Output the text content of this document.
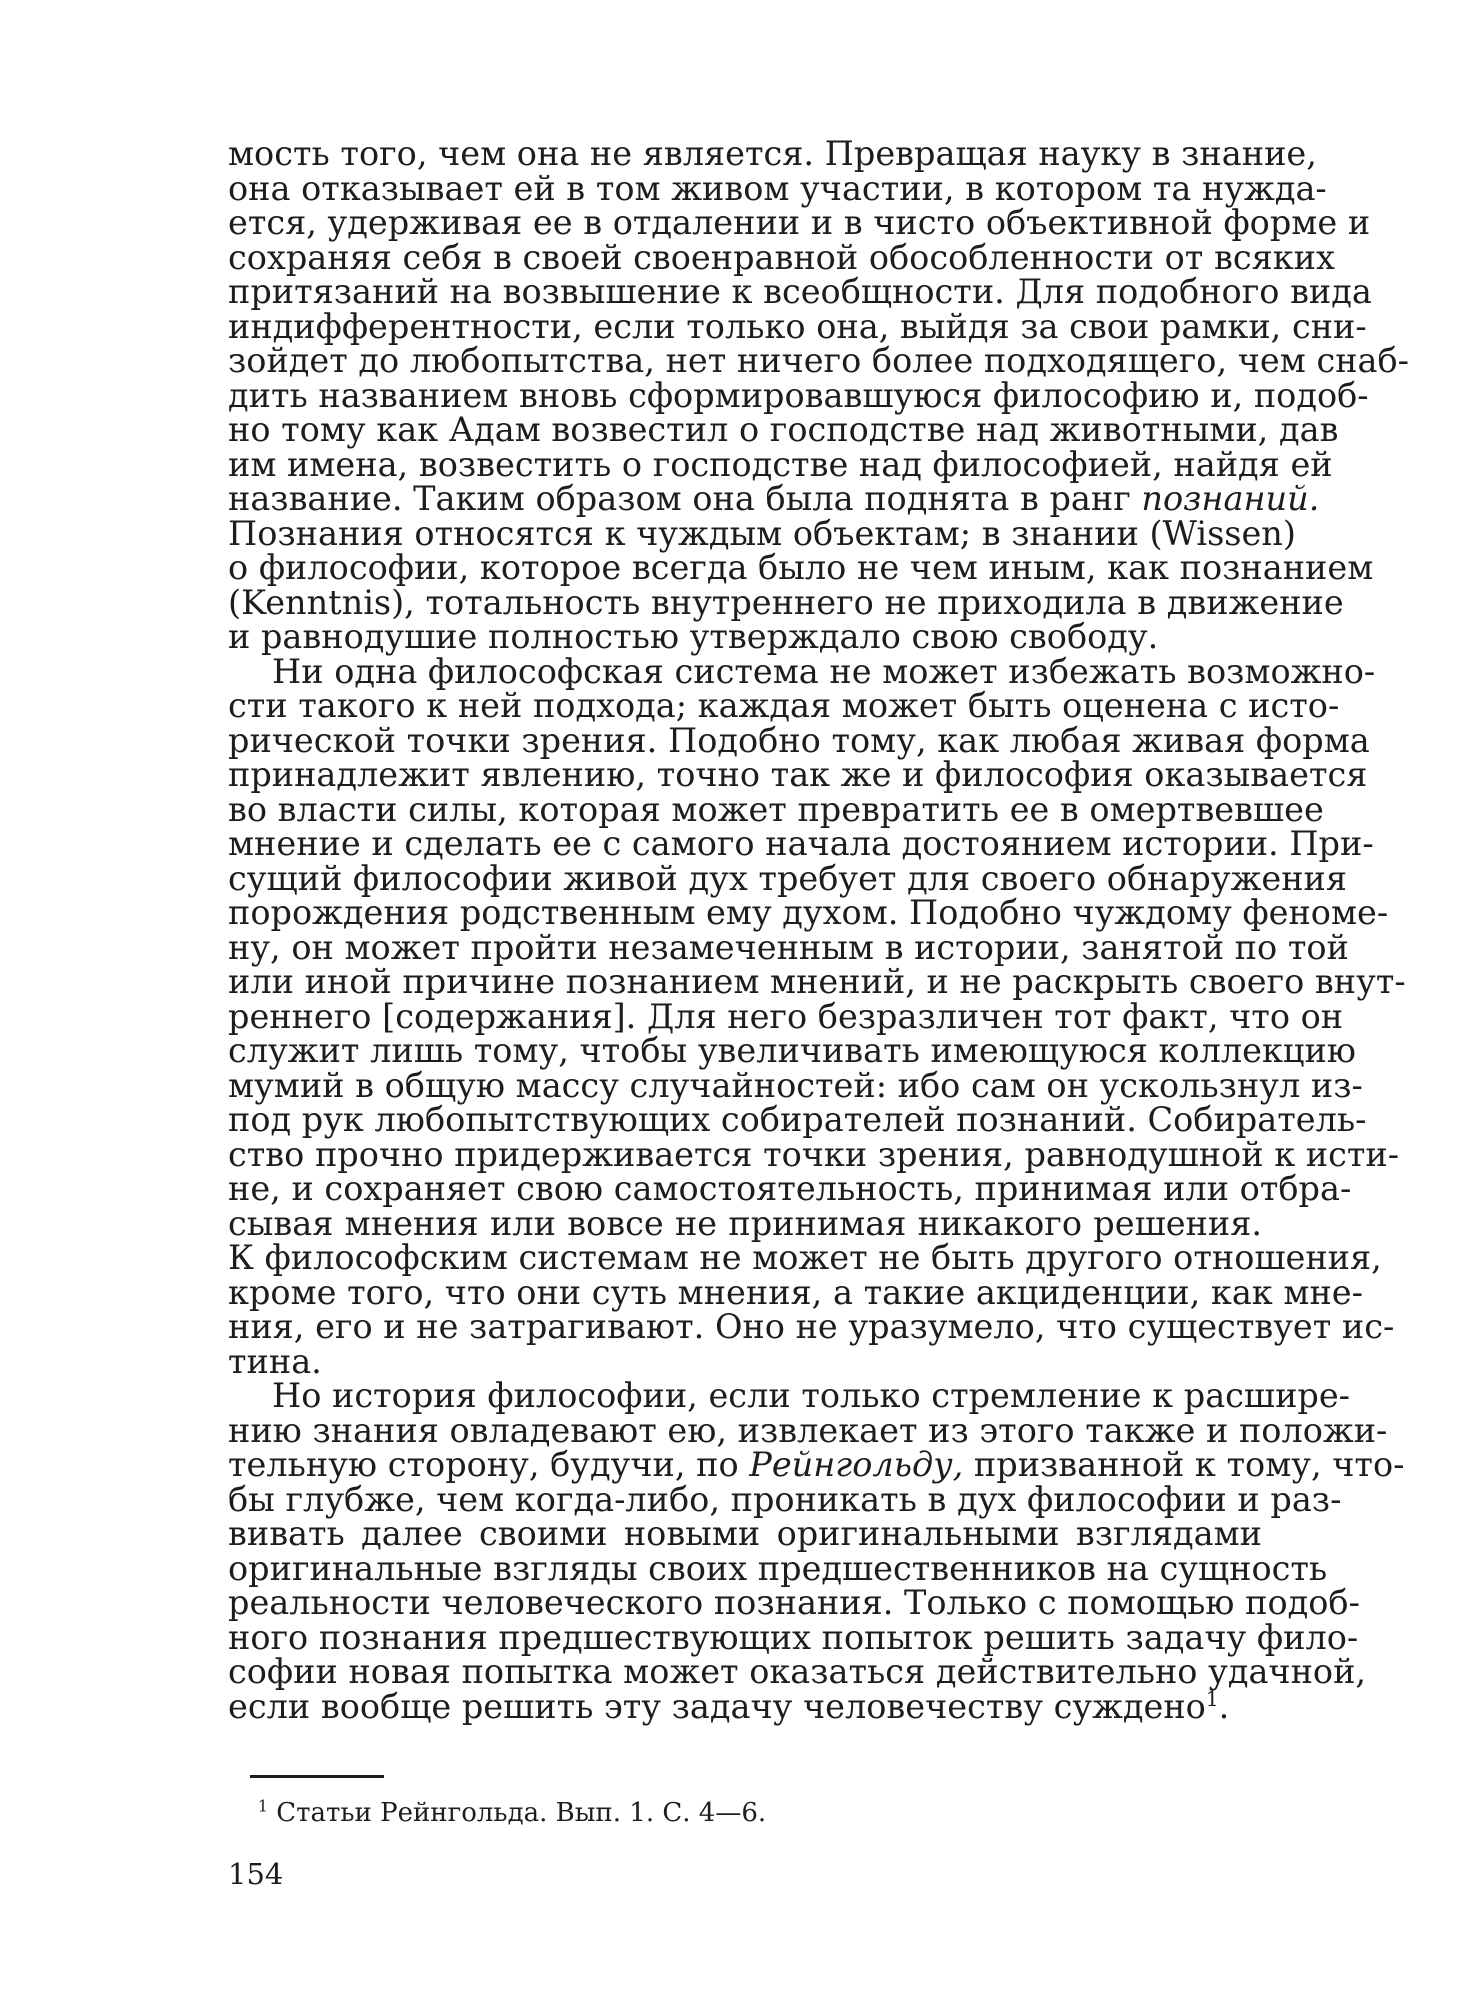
мость того, чем она не является. Превращая науку в знание,
она отказывает ей в том живом участии, в котором та нужда-
ется, удерживая ее в отдалении и в чисто объективной форме и
сохраняя себя в своей своенравной обособленности от всяких
притязаний на возвышение к всеобщности. Для подобного вида
индифферентности, если только она, выйдя за свои рамки, сни-
зойдет до любопытства, нет ничего более подходящего, чем снаб-
дить названием вновь сформировавшуюся философию и, подоб-
но тому как Адам возвестил о господстве над животными, дав
им имена, возвестить о господстве над философией, найдя ей
название. Таким образом она была поднята в ранг познаний.
Познания относятся к чуждым объектам; в знании (Wissen)
о философии, которое всегда было не чем иным, как познанием
(Kenntnis), тотальность внутреннего не приходила в движение
и равнодушие полностью утверждало свою свободу.
Ни одна философская система не может избежать возможно-
сти такого к ней подхода; каждая может быть оценена с исто-
рической точки зрения. Подобно тому, как любая живая форма
принадлежит явлению, точно так же и философия оказывается
во власти силы, которая может превратить ее в омертвевшее
мнение и сделать ее с самого начала достоянием истории. При-
сущий философии живой дух требует для своего обнаружения
порождения родственным ему духом. Подобно чуждому феноме-
ну, он может пройти незамеченным в истории, занятой по той
или иной причине познанием мнений, и не раскрыть своего внут-
реннего [содержания]. Для него безразличен тот факт, что он
служит лишь тому, чтобы увеличивать имеющуюся коллекцию
мумий в общую массу случайностей: ибо сам он ускользнул из-
под рук любопытствующих собирателей познаний. Собиратель-
ство прочно придерживается точки зрения, равнодушной к исти-
не, и сохраняет свою самостоятельность, принимая или отбра-
сывая мнения или вовсе не принимая никакого решения.
К философским системам не может не быть другого отношения,
кроме того, что они суть мнения, а такие акциденции, как мне-
ния, его и не затрагивают. Оно не уразумело, что существует ис-
тина.
Но история философии, если только стремление к расшире-
нию знания овладевают ею, извлекает из этого также и положи-
тельную сторону, будучи, по Рейнгольду, призванной к тому, что-
бы глубже, чем когда-либо, проникать в дух философии и раз-
вивать далее своими новыми оригинальными взглядами
оригинальные взгляды своих предшественников на сущность
реальности человеческого познания. Только с помощью подоб-
ного познания предшествующих попыток решить задачу фило-
софии новая попытка может оказаться действительно удачной,
если вообще решить эту задачу человечеству суждено$^1$.
$^1$ Статьи Рейнгольда. Вып. 1. С. 4—6.
154
